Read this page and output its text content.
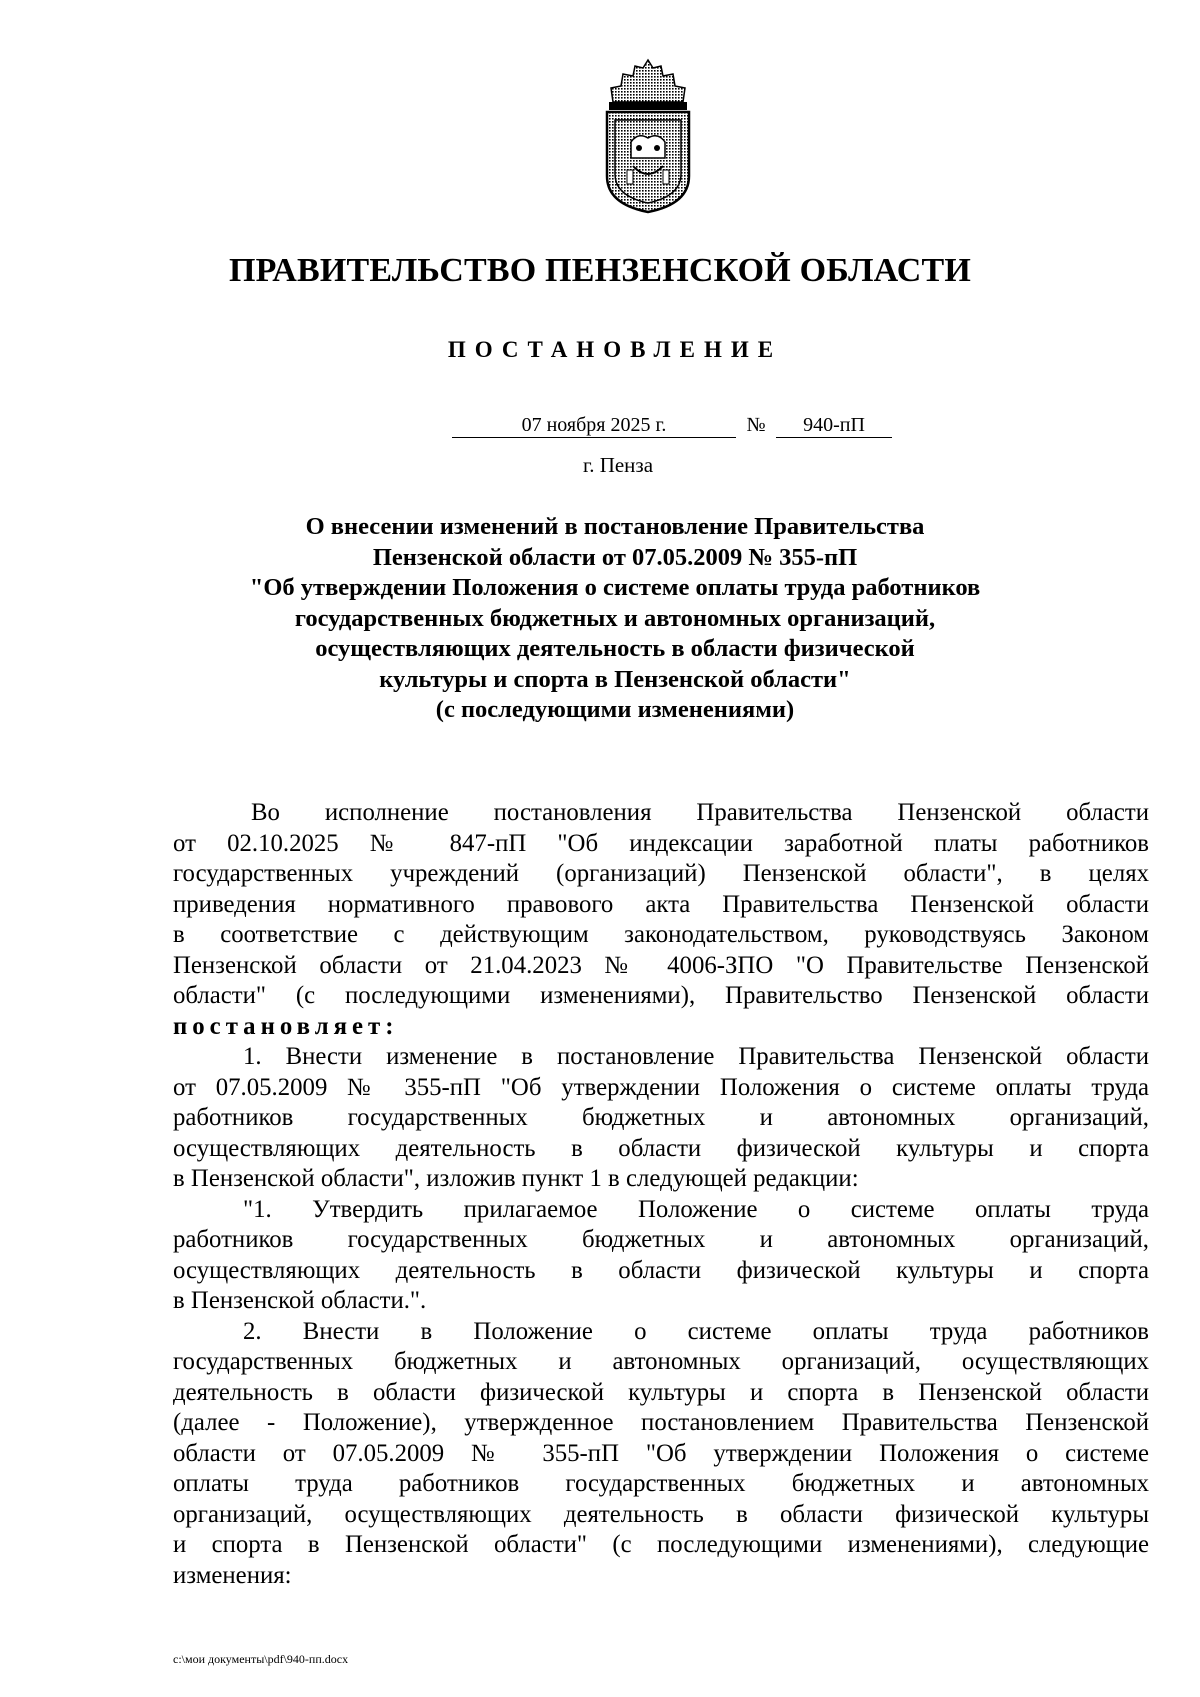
ПРАВИТЕЛЬСТВО ПЕНЗЕНСКОЙ ОБЛАСТИ
ПОСТАНОВЛЕНИЕ
07 ноября 2025 г.	№ 940-пП
г. Пенза
О внесении изменений в постановление Правительства
Пензенской области от 07.05.2009 № 355-пП
"Об утверждении Положения о системе оплаты труда работников
государственных бюджетных и автономных организаций,
осуществляющих деятельность в области физической
культуры и спорта в Пензенской области"
(с последующими изменениями)
Во исполнение постановления Правительства Пензенской области
от 02.10.2025 № 847-пП "Об индексации заработной платы работников
государственных учреждений (организаций) Пензенской области", в целях
приведения нормативного правового акта Правительства Пензенской области
в соответствие с действующим законодательством, руководствуясь Законом
Пензенской области от 21.04.2023 № 4006-ЗПО "О Правительстве Пензенской
области" (с последующими изменениями), Правительство Пензенской области
постановляет:
1. Внести изменение в постановление Правительства Пензенской области
от 07.05.2009 № 355-пП "Об утверждении Положения о системе оплаты труда
работников государственных бюджетных и автономных организаций,
осуществляющих деятельность в области физической культуры и спорта
в Пензенской области", изложив пункт 1 в следующей редакции:
"1. Утвердить прилагаемое Положение о системе оплаты труда
работников государственных бюджетных и автономных организаций,
осуществляющих деятельность в области физической культуры и спорта
в Пензенской области.".
2. Внести в Положение о системе оплаты труда работников
государственных бюджетных и автономных организаций, осуществляющих
деятельность в области физической культуры и спорта в Пензенской области
(далее - Положение), утвержденное постановлением Правительства Пензенской
области от 07.05.2009 № 355-пП "Об утверждении Положения о системе
оплаты труда работников государственных бюджетных и автономных
организаций, осуществляющих деятельность в области физической культуры
и спорта в Пензенской области" (с последующими изменениями), следующие
изменения:
c:\мои документы\pdf\940-пп.docx
